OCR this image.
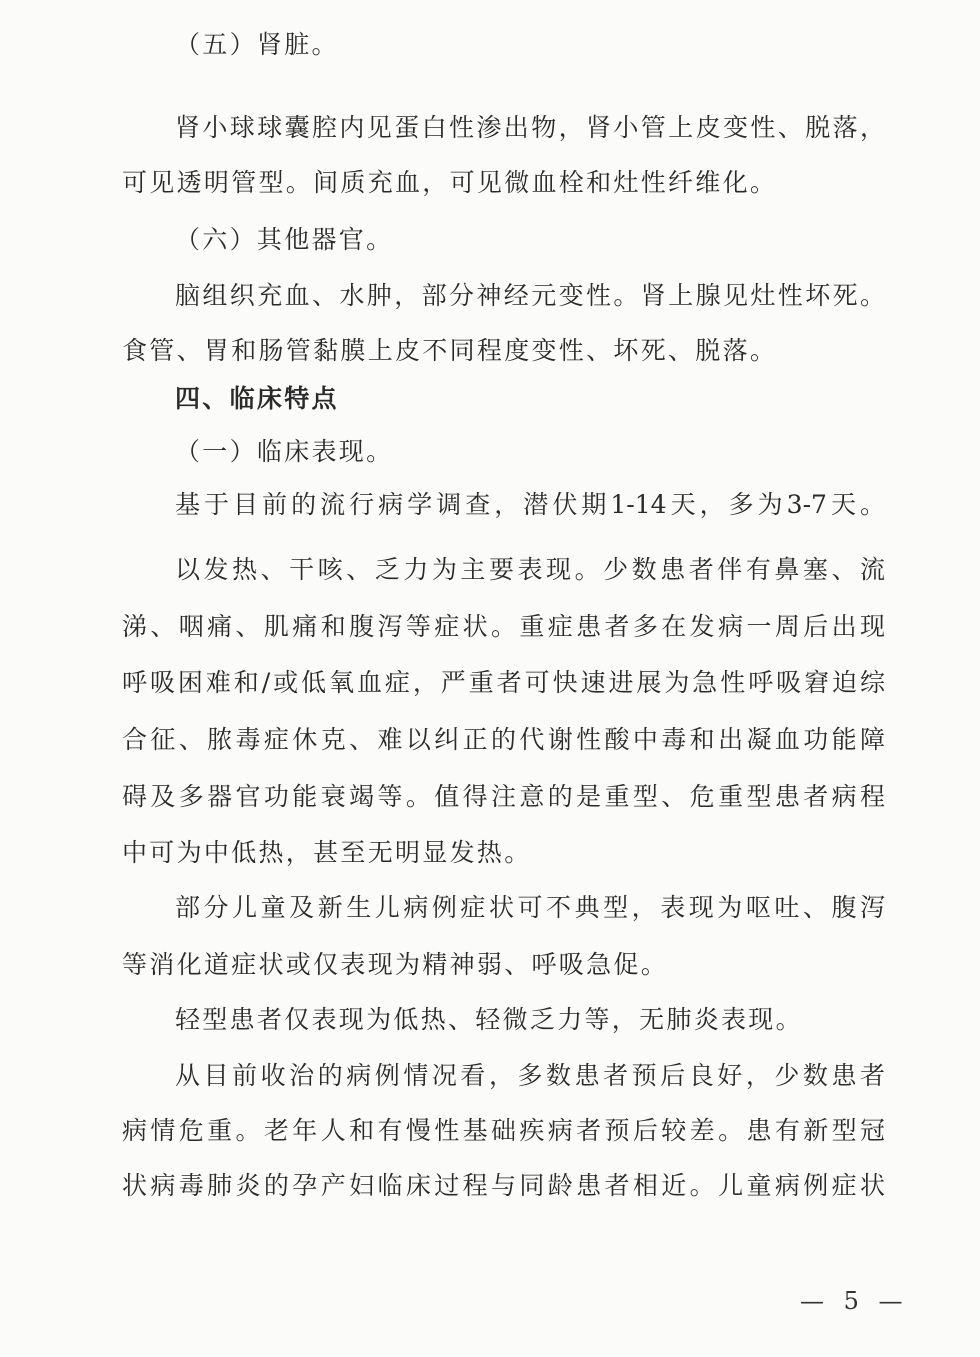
（五）肾脏。
肾小球球囊腔内见蛋白性渗出物，肾小管上皮变性、脱落，
可见透明管型。间质充血，可见微血栓和灶性纤维化。
（六）其他器官。
脑组织充血、水肿，部分神经元变性。肾上腺见灶性坏死。
食管、胃和肠管黏膜上皮不同程度变性、坏死、脱落。
四、临床特点
（一）临床表现。
基于目前的流行病学调查，潜伏期1-14天，多为3-7天。
以发热、干咳、乏力为主要表现。少数患者伴有鼻塞、流
涕、咽痛、肌痛和腹泻等症状。重症患者多在发病一周后出现
呼吸困难和/或低氧血症，严重者可快速进展为急性呼吸窘迫综
合征、脓毒症休克、难以纠正的代谢性酸中毒和出凝血功能障
碍及多器官功能衰竭等。值得注意的是重型、危重型患者病程
中可为中低热，甚至无明显发热。
部分儿童及新生儿病例症状可不典型，表现为呕吐、腹泻
等消化道症状或仅表现为精神弱、呼吸急促。
轻型患者仅表现为低热、轻微乏力等，无肺炎表现。
从目前收治的病例情况看，多数患者预后良好，少数患者
病情危重。老年人和有慢性基础疾病者预后较差。患有新型冠
状病毒肺炎的孕产妇临床过程与同龄患者相近。儿童病例症状
— 5 —
